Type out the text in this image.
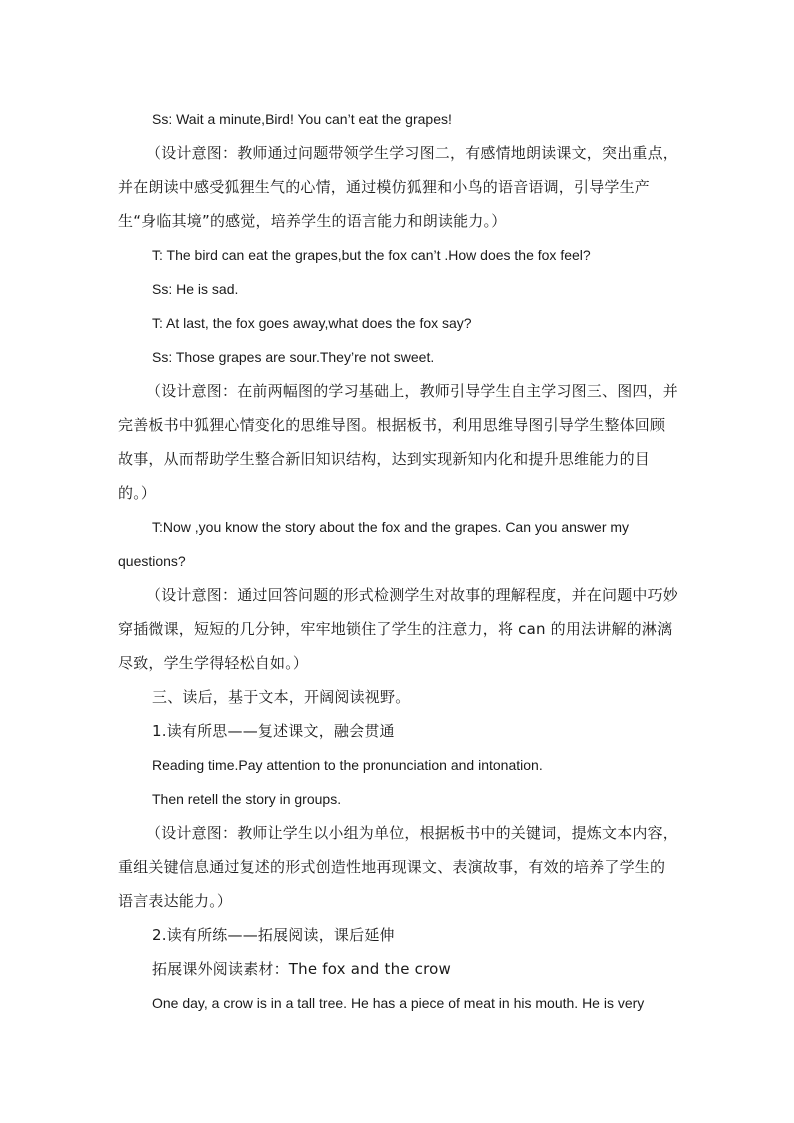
Ss: Wait a minute,Bird! You can’t eat the grapes!

（设计意图：教师通过问题带领学生学习图二，有感情地朗读课文，突出重点，并在朗读中感受狐狸生气的心情，通过模仿狐狸和小鸟的语音语调，引导学生产生“身临其境”的感觉，培养学生的语言能力和朗读能力。）

T: The bird can eat the grapes,but the fox can’t .How does the fox feel?

Ss: He is sad.

T: At last, the fox goes away,what does the fox say?

Ss: Those grapes are sour.They’re not sweet.

（设计意图：在前两幅图的学习基础上，教师引导学生自主学习图三、图四，并完善板书中狐狸心情变化的思维导图。根据板书，利用思维导图引导学生整体回顾故事，从而帮助学生整合新旧知识结构，达到实现新知内化和提升思维能力的目的。）

T:Now ,you know the story about the fox and the grapes. Can you answer my questions?

（设计意图：通过回答问题的形式检测学生对故事的理解程度，并在问题中巧妙穿插微课，短短的几分钟，牢牢地锁住了学生的注意力，将 can 的用法讲解的淋漓尽致，学生学得轻松自如。）

三、读后，基于文本，开阔阅读视野。

1.读有所思——复述课文，融会贯通

Reading time.Pay attention to the pronunciation and intonation.

Then retell the story in groups.

（设计意图：教师让学生以小组为单位，根据板书中的关键词，提炼文本内容，重组关键信息通过复述的形式创造性地再现课文、表演故事，有效的培养了学生的语言表达能力。）

2.读有所练——拓展阅读，课后延伸

拓展课外阅读素材：The fox and the crow

One day, a crow is in a tall tree. He has a piece of meat in his mouth. He is very
